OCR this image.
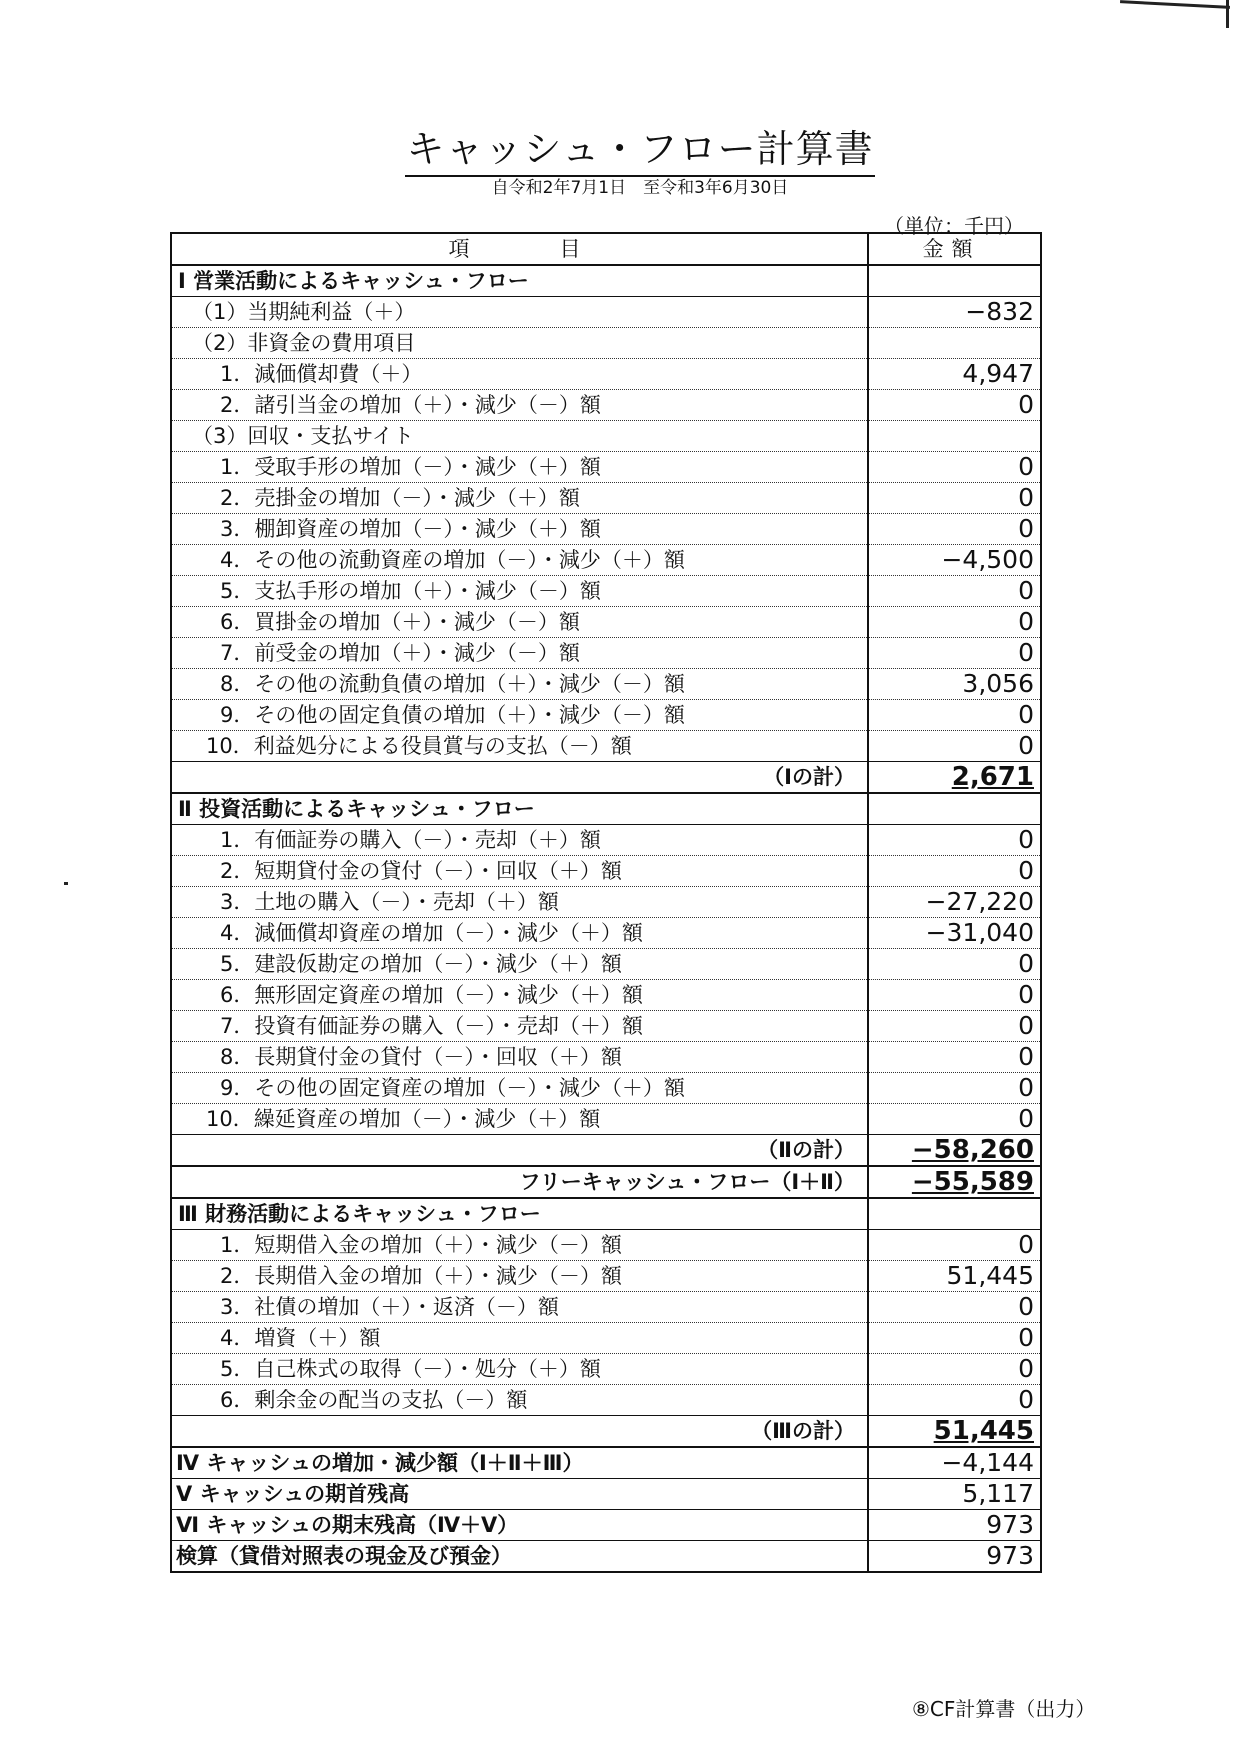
キャッシュ・フロー計算書
自令和2年7月1日　至令和3年6月30日
（単位：千円）
項目	金額
Ⅰ 営業活動によるキャッシュ・フロー	
（1）当期純利益（＋）	−832
（2）非資金の費用項目	
1．減価償却費（＋）	4,947
2．諸引当金の増加（＋）・減少（－）額	0
（3）回収・支払サイト	
1．受取手形の増加（－）・減少（＋）額	0
2．売掛金の増加（－）・減少（＋）額	0
3．棚卸資産の増加（－）・減少（＋）額	0
4．その他の流動資産の増加（－）・減少（＋）額	−4,500
5．支払手形の増加（＋）・減少（－）額	0
6．買掛金の増加（＋）・減少（－）額	0
7．前受金の増加（＋）・減少（－）額	0
8．その他の流動負債の増加（＋）・減少（－）額	3,056
9．その他の固定負債の増加（＋）・減少（－）額	0
10．利益処分による役員賞与の支払（－）額	0
（Ⅰの計）	2,671
Ⅱ 投資活動によるキャッシュ・フロー	
1．有価証券の購入（－）・売却（＋）額	0
2．短期貸付金の貸付（－）・回収（＋）額	0
3．土地の購入（－）・売却（＋）額	−27,220
4．減価償却資産の増加（－）・減少（＋）額	−31,040
5．建設仮勘定の増加（－）・減少（＋）額	0
6．無形固定資産の増加（－）・減少（＋）額	0
7．投資有価証券の購入（－）・売却（＋）額	0
8．長期貸付金の貸付（－）・回収（＋）額	0
9．その他の固定資産の増加（－）・減少（＋）額	0
10．繰延資産の増加（－）・減少（＋）額	0
（Ⅱの計）	−58,260
フリーキャッシュ・フロー（Ⅰ＋Ⅱ）	−55,589
Ⅲ 財務活動によるキャッシュ・フロー	
1．短期借入金の増加（＋）・減少（－）額	0
2．長期借入金の増加（＋）・減少（－）額	51,445
3．社債の増加（＋）・返済（－）額	0
4．増資（＋）額	0
5．自己株式の取得（－）・処分（＋）額	0
6．剰余金の配当の支払（－）額	0
（Ⅲの計）	51,445
Ⅳ キャッシュの増加・減少額（Ⅰ＋Ⅱ＋Ⅲ）	−4,144
Ⅴ キャッシュの期首残高	5,117
Ⅵ キャッシュの期末残高（Ⅳ＋Ⅴ）	973
検算（貸借対照表の現金及び預金）	973
⑧CF計算書（出力）
